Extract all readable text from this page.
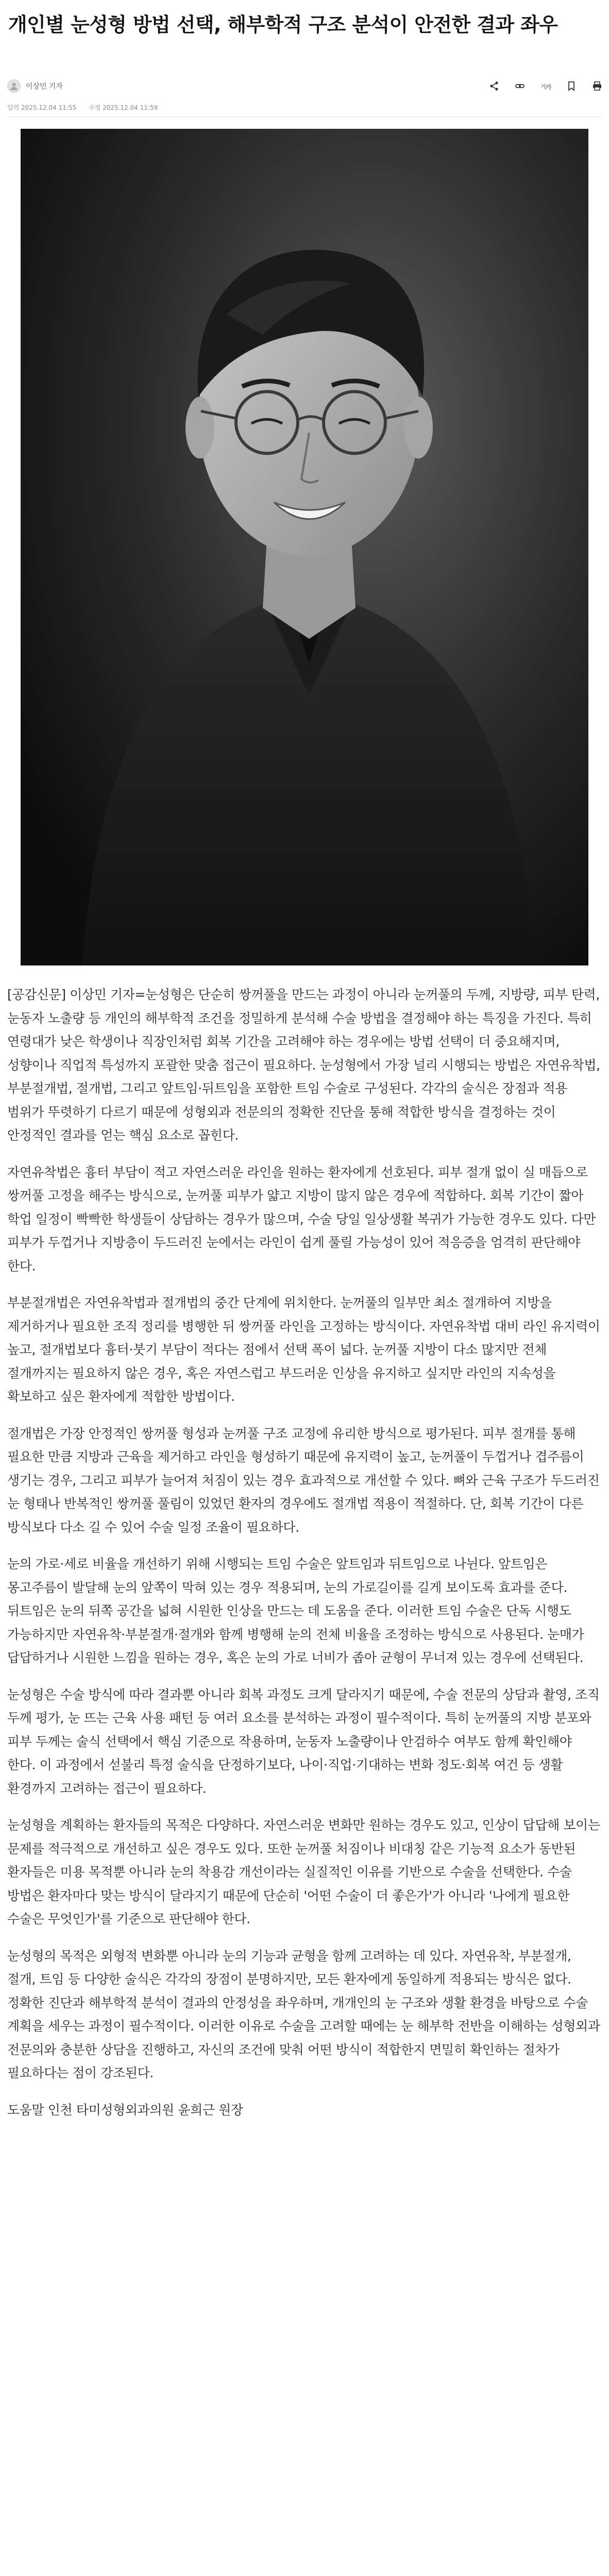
개인별 눈성형 방법 선택, 해부학적 구조 분석이 안전한 결과 좌우
이상민 기자	가
가
입력 2025.12.04 11:55 수정 2025.12.04 11:59

[공감신문] 이상민 기자=눈성형은 단순히 쌍꺼풀을 만드는 과정이 아니라 눈꺼풀의 두께, 지방량, 피부 탄력, 눈동자 노출량 등 개인의 해부학적 조건을 정밀하게 분석해 수술 방법을 결정해야 하는 특징을 가진다. 특히 연령대가 낮은 학생이나 직장인처럼 회복 기간을 고려해야 하는 경우에는 방법 선택이 더 중요해지며, 성향이나 직업적 특성까지 포괄한 맞춤 접근이 필요하다. 눈성형에서 가장 널리 시행되는 방법은 자연유착법, 부분절개법, 절개법, 그리고 앞트임·뒤트임을 포함한 트임 수술로 구성된다. 각각의 술식은 장점과 적용 범위가 뚜렷하기 다르기 때문에 성형외과 전문의의 정확한 진단을 통해 적합한 방식을 결정하는 것이 안정적인 결과를 얻는 핵심 요소로 꼽힌다.

자연유착법은 흉터 부담이 적고 자연스러운 라인을 원하는 환자에게 선호된다. 피부 절개 없이 실 매듭으로 쌍꺼풀 고정을 해주는 방식으로, 눈꺼풀 피부가 얇고 지방이 많지 않은 경우에 적합하다. 회복 기간이 짧아 학업 일정이 빡빡한 학생들이 상담하는 경우가 많으며, 수술 당일 일상생활 복귀가 가능한 경우도 있다. 다만 피부가 두껍거나 지방층이 두드러진 눈에서는 라인이 쉽게 풀릴 가능성이 있어 적응증을 엄격히 판단해야 한다.

부분절개법은 자연유착법과 절개법의 중간 단계에 위치한다. 눈꺼풀의 일부만 최소 절개하여 지방을 제거하거나 필요한 조직 정리를 병행한 뒤 쌍꺼풀 라인을 고정하는 방식이다. 자연유착법 대비 라인 유지력이 높고, 절개법보다 흉터·붓기 부담이 적다는 점에서 선택 폭이 넓다. 눈꺼풀 지방이 다소 많지만 전체 절개까지는 필요하지 않은 경우, 혹은 자연스럽고 부드러운 인상을 유지하고 싶지만 라인의 지속성을 확보하고 싶은 환자에게 적합한 방법이다.

절개법은 가장 안정적인 쌍꺼풀 형성과 눈꺼풀 구조 교정에 유리한 방식으로 평가된다. 피부 절개를 통해 필요한 만큼 지방과 근육을 제거하고 라인을 형성하기 때문에 유지력이 높고, 눈꺼풀이 두껍거나 겹주름이 생기는 경우, 그리고 피부가 늘어져 처짐이 있는 경우 효과적으로 개선할 수 있다. 뼈와 근육 구조가 두드러진 눈 형태나 반복적인 쌍꺼풀 풀림이 있었던 환자의 경우에도 절개법 적용이 적절하다. 단, 회복 기간이 다른 방식보다 다소 길 수 있어 수술 일정 조율이 필요하다.

눈의 가로·세로 비율을 개선하기 위해 시행되는 트임 수술은 앞트임과 뒤트임으로 나뉜다. 앞트임은 몽고주름이 발달해 눈의 앞쪽이 막혀 있는 경우 적용되며, 눈의 가로길이를 길게 보이도록 효과를 준다. 뒤트임은 눈의 뒤쪽 공간을 넓혀 시원한 인상을 만드는 데 도움을 준다. 이러한 트임 수술은 단독 시행도 가능하지만 자연유착·부분절개·절개와 함께 병행해 눈의 전체 비율을 조정하는 방식으로 사용된다. 눈매가 답답하거나 시원한 느낌을 원하는 경우, 혹은 눈의 가로 너비가 좁아 균형이 무너져 있는 경우에 선택된다.

눈성형은 수술 방식에 따라 결과뿐 아니라 회복 과정도 크게 달라지기 때문에, 수술 전문의 상담과 촬영, 조직 두께 평가, 눈 뜨는 근육 사용 패턴 등 여러 요소를 분석하는 과정이 필수적이다. 특히 눈꺼풀의 지방 분포와 피부 두께는 술식 선택에서 핵심 기준으로 작용하며, 눈동자 노출량이나 안검하수 여부도 함께 확인해야 한다. 이 과정에서 섣불리 특정 술식을 단정하기보다, 나이·직업·기대하는 변화 정도·회복 여건 등 생활 환경까지 고려하는 접근이 필요하다.

눈성형을 계획하는 환자들의 목적은 다양하다. 자연스러운 변화만 원하는 경우도 있고, 인상이 답답해 보이는 문제를 적극적으로 개선하고 싶은 경우도 있다. 또한 눈꺼풀 처짐이나 비대칭 같은 기능적 요소가 동반된 환자들은 미용 목적뿐 아니라 눈의 착용감 개선이라는 실질적인 이유를 기반으로 수술을 선택한다. 수술 방법은 환자마다 맞는 방식이 달라지기 때문에 단순히 '어떤 수술이 더 좋은가'가 아니라 '나에게 필요한 수술은 무엇인가'를 기준으로 판단해야 한다.

눈성형의 목적은 외형적 변화뿐 아니라 눈의 기능과 균형을 함께 고려하는 데 있다. 자연유착, 부분절개, 절개, 트임 등 다양한 술식은 각각의 장점이 분명하지만, 모든 환자에게 동일하게 적용되는 방식은 없다. 정확한 진단과 해부학적 분석이 결과의 안정성을 좌우하며, 개개인의 눈 구조와 생활 환경을 바탕으로 수술 계획을 세우는 과정이 필수적이다. 이러한 이유로 수술을 고려할 때에는 눈 해부학 전반을 이해하는 성형외과 전문의와 충분한 상담을 진행하고, 자신의 조건에 맞춰 어떤 방식이 적합한지 면밀히 확인하는 절차가 필요하다는 점이 강조된다.

도움말 인천 타미성형외과의원 윤희근 원장
